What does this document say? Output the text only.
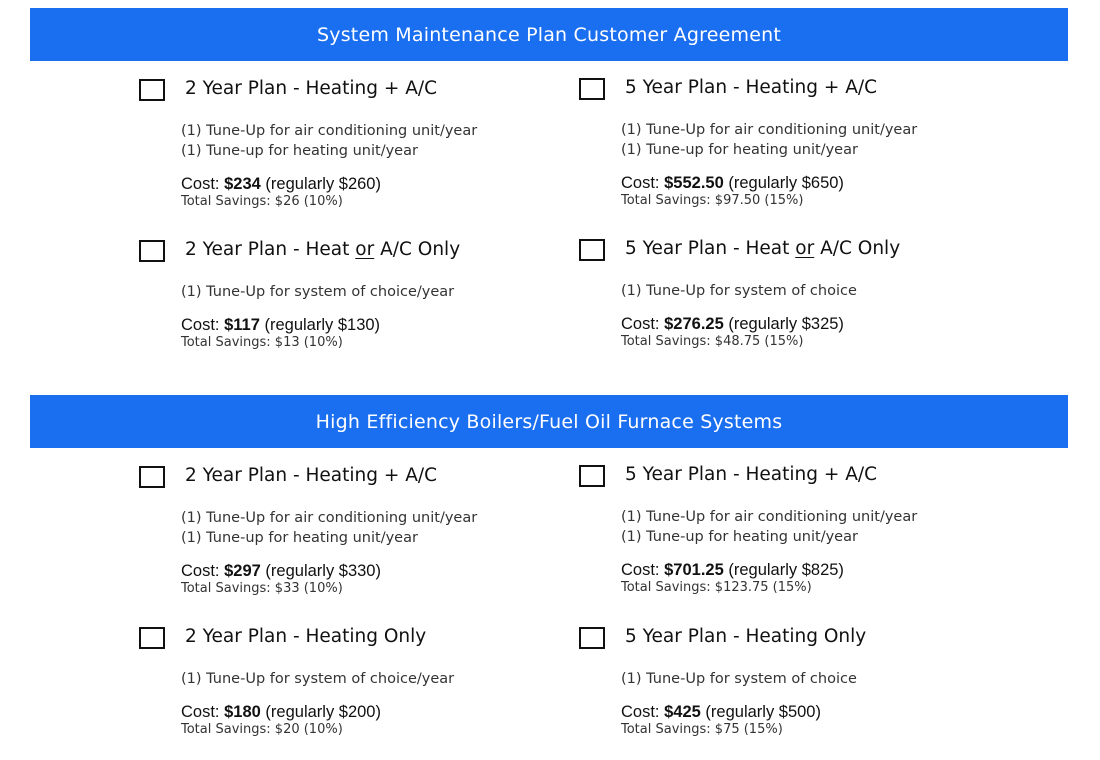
System Maintenance Plan Customer Agreement
2 Year Plan - Heating + A/C
(1) Tune-Up for air conditioning unit/year
(1) Tune-up for heating unit/year
Cost: $234 (regularly $260)
Total Savings: $26 (10%)
5 Year Plan - Heating + A/C
(1) Tune-Up for air conditioning unit/year
(1) Tune-up for heating unit/year
Cost: $552.50 (regularly $650)
Total Savings: $97.50 (15%)
2 Year Plan - Heat or A/C Only
(1) Tune-Up for system of choice/year
Cost: $117 (regularly $130)
Total Savings: $13 (10%)
5 Year Plan - Heat or A/C Only
(1) Tune-Up for system of choice
Cost: $276.25 (regularly $325)
Total Savings: $48.75 (15%)
High Efficiency Boilers/Fuel Oil Furnace Systems
2 Year Plan - Heating + A/C
(1) Tune-Up for air conditioning unit/year
(1) Tune-up for heating unit/year
Cost: $297 (regularly $330)
Total Savings: $33 (10%)
5 Year Plan - Heating + A/C
(1) Tune-Up for air conditioning unit/year
(1) Tune-up for heating unit/year
Cost: $701.25 (regularly $825)
Total Savings: $123.75 (15%)
2 Year Plan - Heating Only
(1) Tune-Up for system of choice/year
Cost: $180 (regularly $200)
Total Savings: $20 (10%)
5 Year Plan - Heating Only
(1) Tune-Up for system of choice
Cost: $425 (regularly $500)
Total Savings: $75 (15%)
